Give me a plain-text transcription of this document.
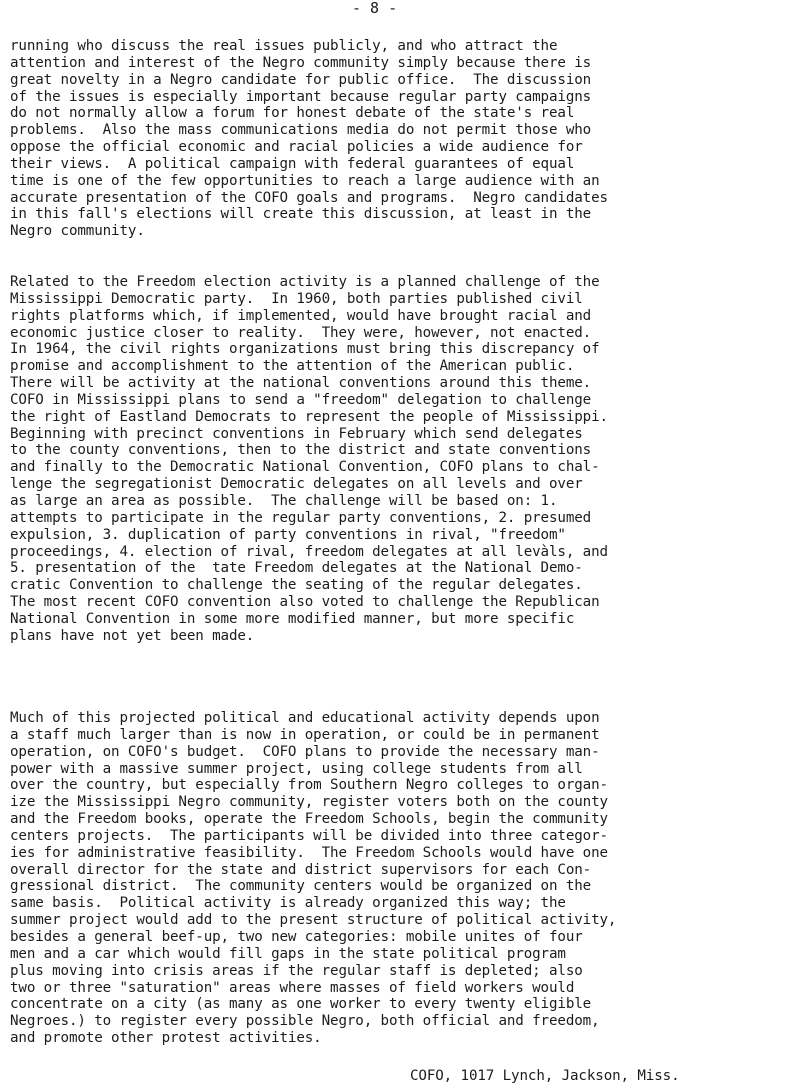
- 8 -
running who discuss the real issues publicly, and who attract the
attention and interest of the Negro community simply because there is
great novelty in a Negro candidate for public office.  The discussion
of the issues is especially important because regular party campaigns
do not normally allow a forum for honest debate of the state's real
problems.  Also the mass communications media do not permit those who
oppose the official economic and racial policies a wide audience for
their views.  A political campaign with federal guarantees of equal
time is one of the few opportunities to reach a large audience with an
accurate presentation of the COFO goals and programs.  Negro candidates
in this fall's elections will create this discussion, at least in the
Negro community.
Related to the Freedom election activity is a planned challenge of the
Mississippi Democratic party.  In 1960, both parties published civil
rights platforms which, if implemented, would have brought racial and
economic justice closer to reality.  They were, however, not enacted.
In 1964, the civil rights organizations must bring this discrepancy of
promise and accomplishment to the attention of the American public.
There will be activity at the national conventions around this theme.
COFO in Mississippi plans to send a "freedom" delegation to challenge
the right of Eastland Democrats to represent the people of Mississippi.
Beginning with precinct conventions in February which send delegates
to the county conventions, then to the district and state conventions
and finally to the Democratic National Convention, COFO plans to chal-
lenge the segregationist Democratic delegates on all levels and over
as large an area as possible.  The challenge will be based on: 1.
attempts to participate in the regular party conventions, 2. presumed
expulsion, 3. duplication of party conventions in rival, "freedom"
proceedings, 4. election of rival, freedom delegates at all levàls, and
5. presentation of the  tate Freedom delegates at the National Demo-
cratic Convention to challenge the seating of the regular delegates.
The most recent COFO convention also voted to challenge the Republican
National Convention in some more modified manner, but more specific
plans have not yet been made.
Much of this projected political and educational activity depends upon
a staff much larger than is now in operation, or could be in permanent
operation, on COFO's budget.  COFO plans to provide the necessary man-
power with a massive summer project, using college students from all
over the country, but especially from Southern Negro colleges to organ-
ize the Mississippi Negro community, register voters both on the county
and the Freedom books, operate the Freedom Schools, begin the community
centers projects.  The participants will be divided into three categor-
ies for administrative feasibility.  The Freedom Schools would have one
overall director for the state and district supervisors for each Con-
gressional district.  The community centers would be organized on the
same basis.  Political activity is already organized this way; the
summer project would add to the present structure of political activity,
besides a general beef-up, two new categories: mobile unites of four
men and a car which would fill gaps in the state political program
plus moving into crisis areas if the regular staff is depleted; also
two or three "saturation" areas where masses of field workers would
concentrate on a city (as many as one worker to every twenty eligible
Negroes.) to register every possible Negro, both official and freedom,
and promote other protest activities.
COFO, 1017 Lynch, Jackson, Miss.
